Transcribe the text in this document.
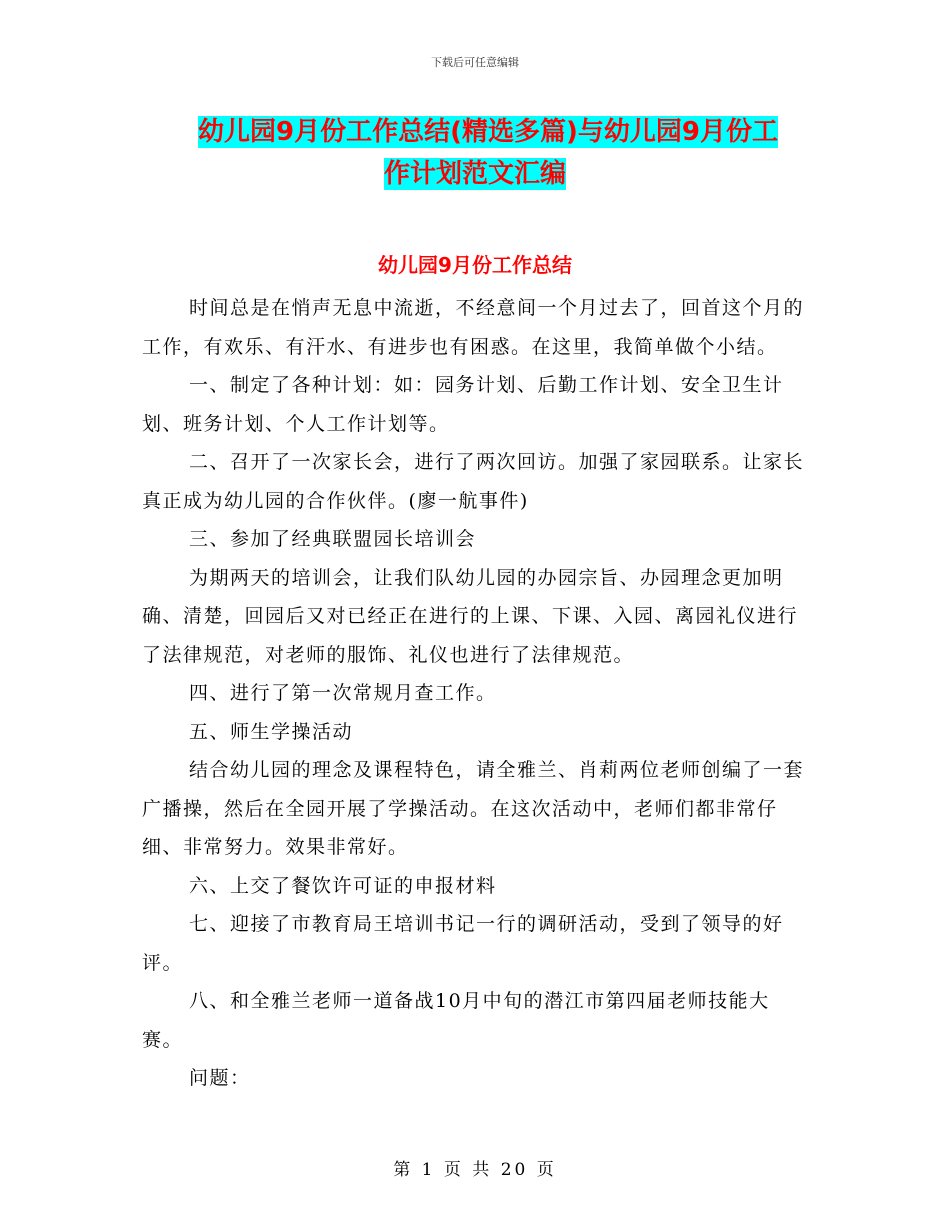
下载后可任意编辑
幼儿园9月份工作总结(精选多篇)与幼儿园9月份工
作计划范文汇编
幼儿园9月份工作总结

时间总是在悄声无息中流逝，不经意间一个月过去了，回首这个月的工作，有欢乐、有汗水、有进步也有困惑。在这里，我简单做个小结。

一、制定了各种计划：如：园务计划、后勤工作计划、安全卫生计划、班务计划、个人工作计划等。

二、召开了一次家长会，进行了两次回访。加强了家园联系。让家长真正成为幼儿园的合作伙伴。(廖一航事件)

三、参加了经典联盟园长培训会

为期两天的培训会，让我们队幼儿园的办园宗旨、办园理念更加明确、清楚，回园后又对已经正在进行的上课、下课、入园、离园礼仪进行了法律规范，对老师的服饰、礼仪也进行了法律规范。

四、进行了第一次常规月查工作。

五、师生学操活动

结合幼儿园的理念及课程特色，请全雅兰、肖莉两位老师创编了一套广播操，然后在全园开展了学操活动。在这次活动中，老师们都非常仔细、非常努力。效果非常好。

六、上交了餐饮许可证的申报材料

七、迎接了市教育局王培训书记一行的调研活动，受到了领导的好评。

八、和全雅兰老师一道备战10月中旬的潜江市第四届老师技能大赛。

问题：

第 1 页 共 20 页
